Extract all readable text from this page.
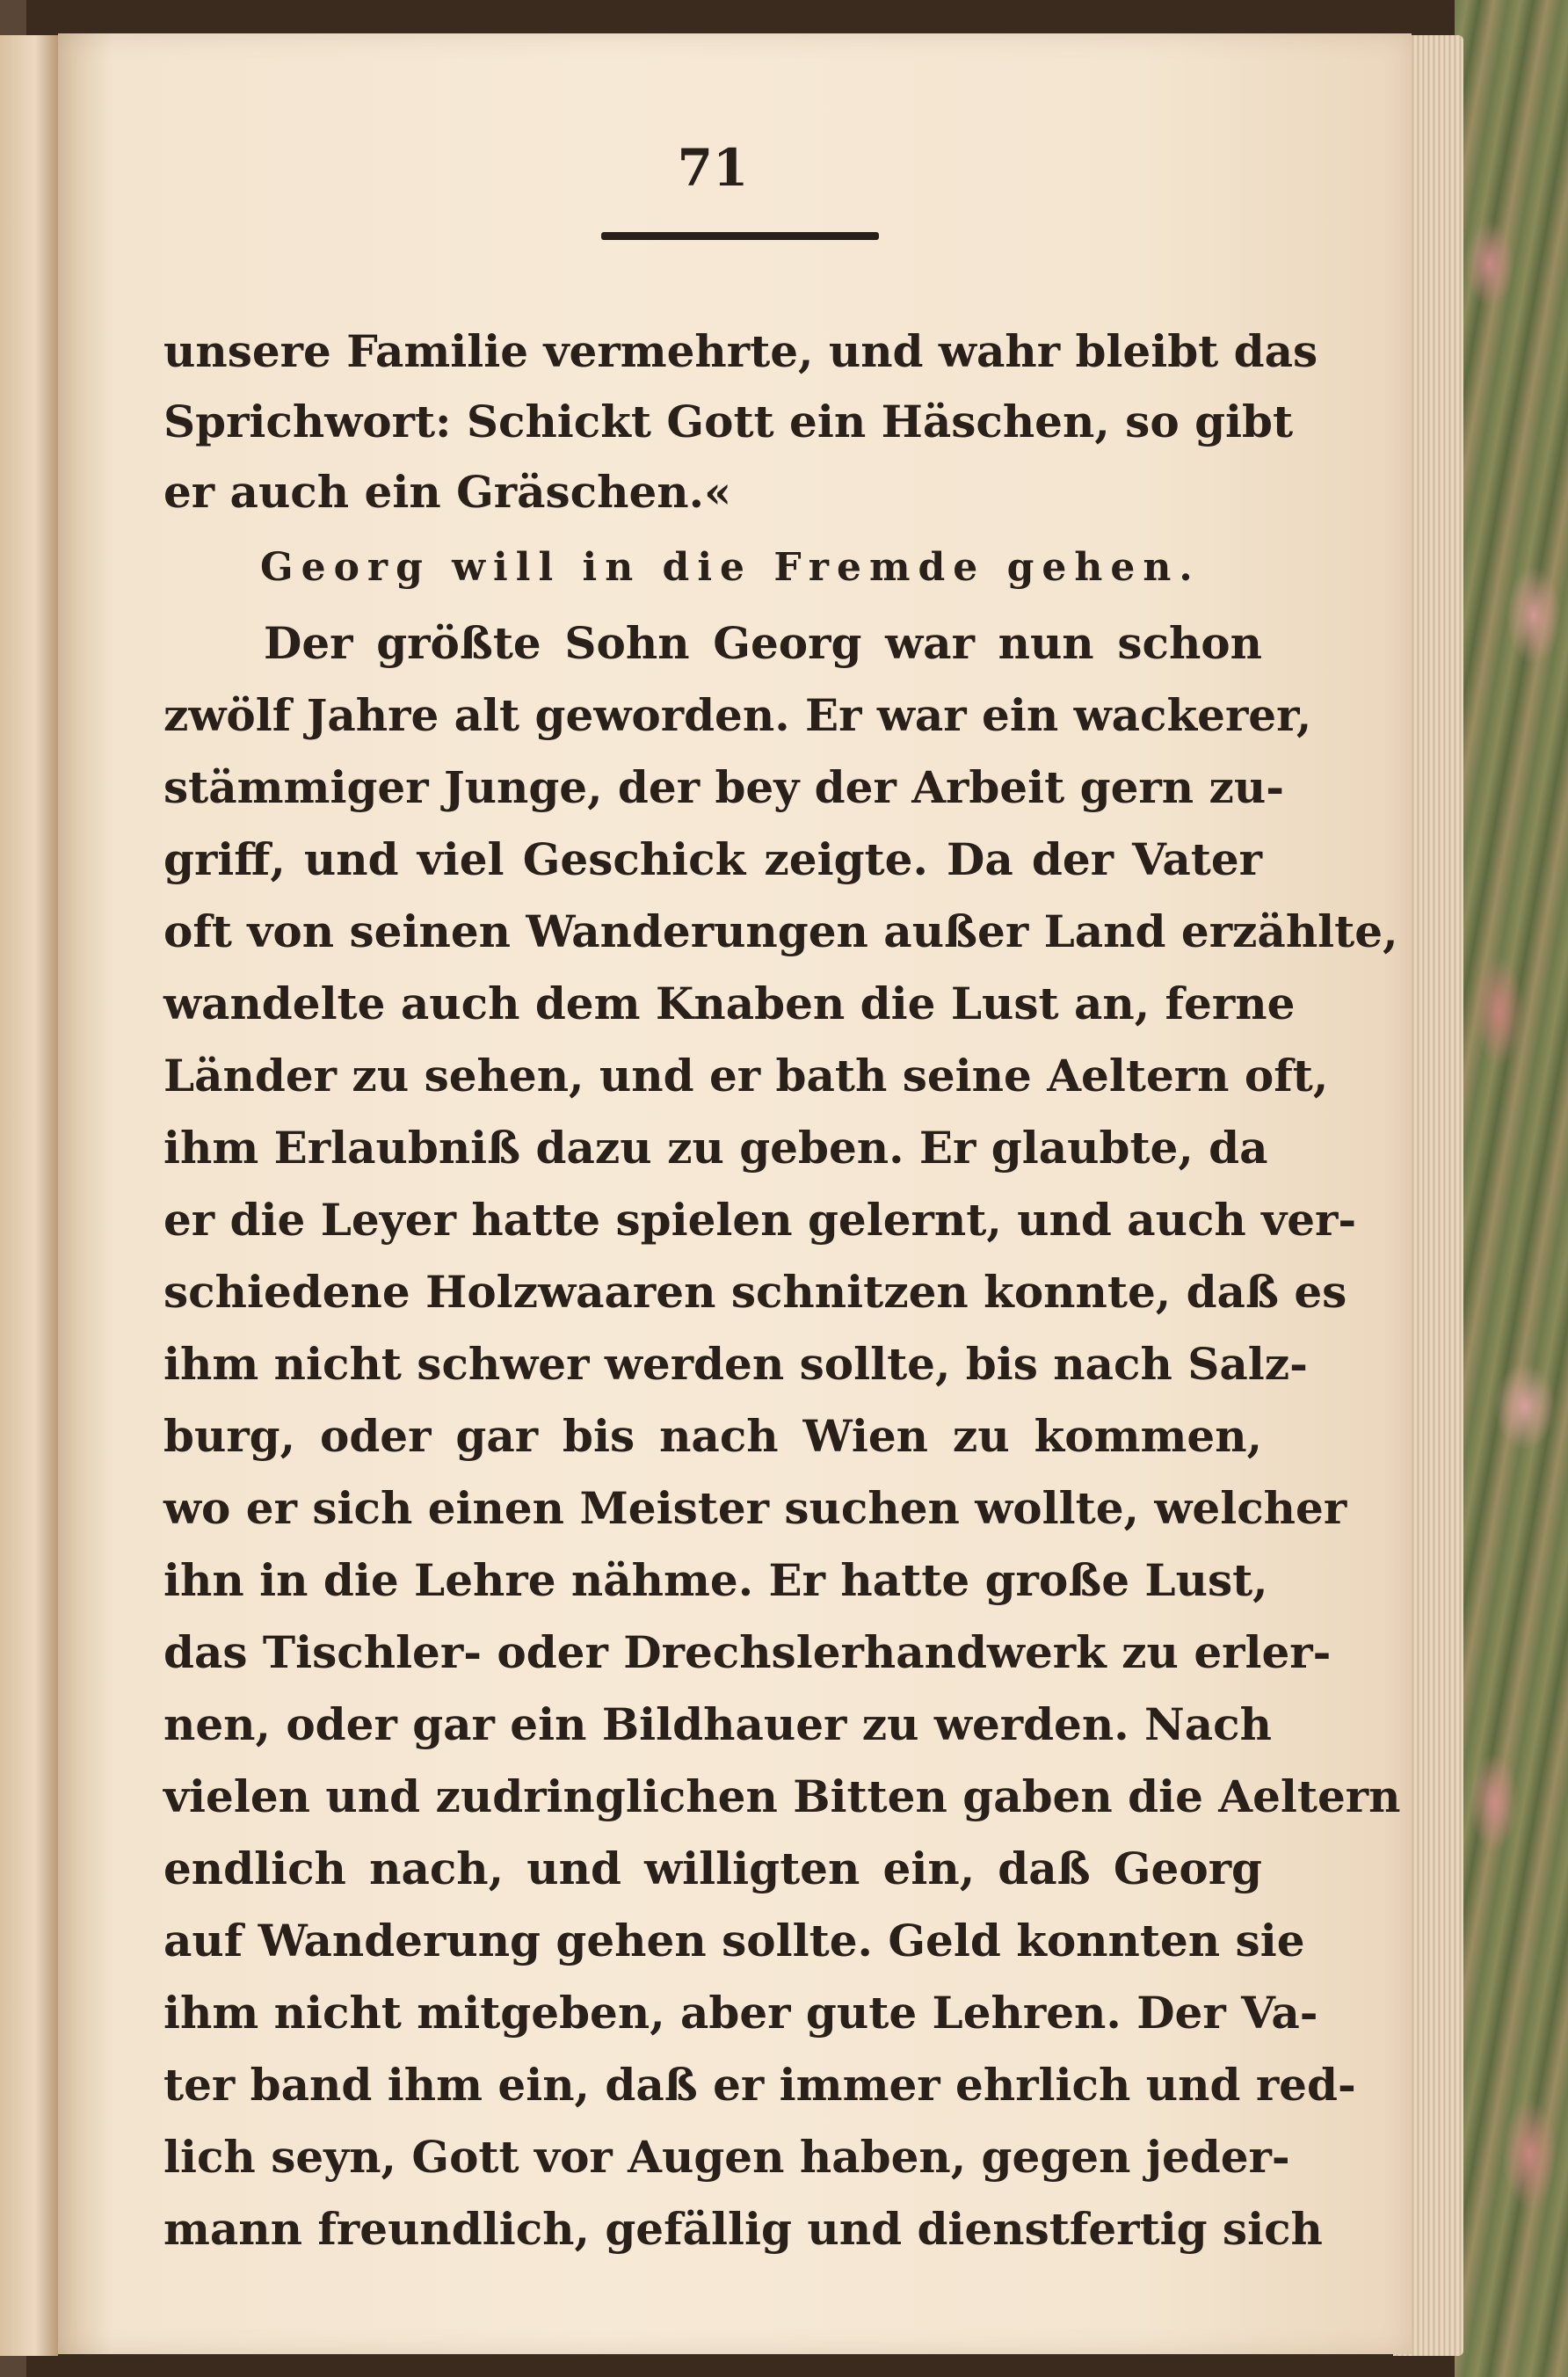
71
unsere Familie vermehrte, und wahr bleibt das
Sprichwort: Schickt Gott ein Häschen, so gibt
er auch ein Gräschen.«
Georg will in die Fremde gehen.
Der größte Sohn Georg war nun schon
zwölf Jahre alt geworden. Er war ein wackerer,
stämmiger Junge, der bey der Arbeit gern zu-
griff, und viel Geschick zeigte. Da der Vater
oft von seinen Wanderungen außer Land erzählte,
wandelte auch dem Knaben die Lust an, ferne
Länder zu sehen, und er bath seine Aeltern oft,
ihm Erlaubniß dazu zu geben. Er glaubte, da
er die Leyer hatte spielen gelernt, und auch ver-
schiedene Holzwaaren schnitzen konnte, daß es
ihm nicht schwer werden sollte, bis nach Salz-
burg, oder gar bis nach Wien zu kommen,
wo er sich einen Meister suchen wollte, welcher
ihn in die Lehre nähme. Er hatte große Lust,
das Tischler- oder Drechslerhandwerk zu erler-
nen, oder gar ein Bildhauer zu werden. Nach
vielen und zudringlichen Bitten gaben die Aeltern
endlich nach, und willigten ein, daß Georg
auf Wanderung gehen sollte. Geld konnten sie
ihm nicht mitgeben, aber gute Lehren. Der Va-
ter band ihm ein, daß er immer ehrlich und red-
lich seyn, Gott vor Augen haben, gegen jeder-
mann freundlich, gefällig und dienstfertig sich
